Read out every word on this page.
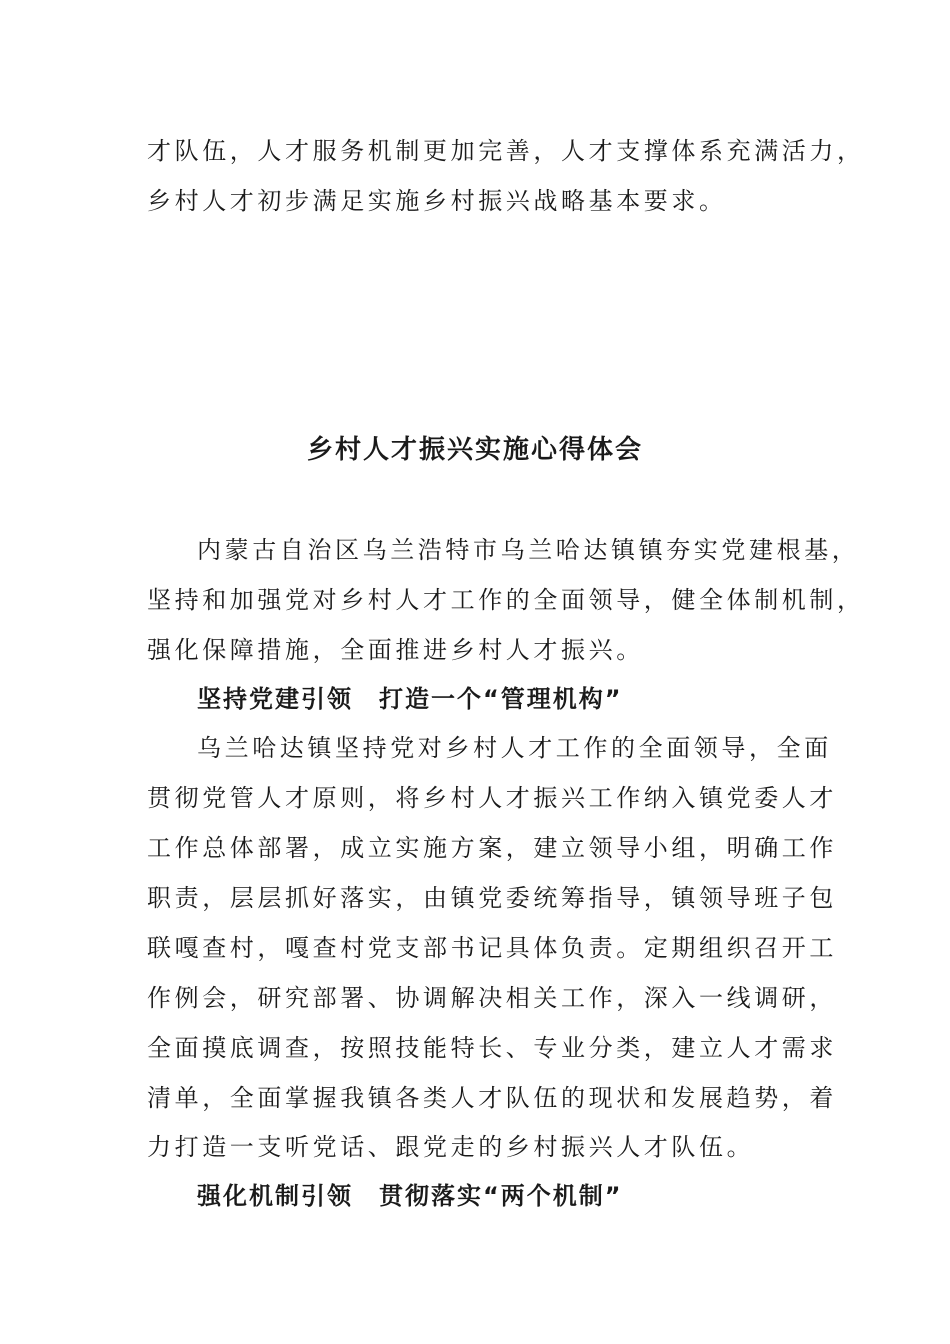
才队伍，人才服务机制更加完善，人才支撑体系充满活力，
乡村人才初步满足实施乡村振兴战略基本要求。
乡村人才振兴实施心得体会
内蒙古自治区乌兰浩特市乌兰哈达镇镇夯实党建根基，
坚持和加强党对乡村人才工作的全面领导，健全体制机制，
强化保障措施，全面推进乡村人才振兴。
坚持党建引领　打造一个“管理机构”
乌兰哈达镇坚持党对乡村人才工作的全面领导，全面
贯彻党管人才原则，将乡村人才振兴工作纳入镇党委人才
工作总体部署，成立实施方案，建立领导小组，明确工作
职责，层层抓好落实，由镇党委统筹指导，镇领导班子包
联嘎查村，嘎查村党支部书记具体负责。定期组织召开工
作例会，研究部署、协调解决相关工作，深入一线调研，
全面摸底调查，按照技能特长、专业分类，建立人才需求
清单，全面掌握我镇各类人才队伍的现状和发展趋势，着
力打造一支听党话、跟党走的乡村振兴人才队伍。
强化机制引领　贯彻落实“两个机制”
